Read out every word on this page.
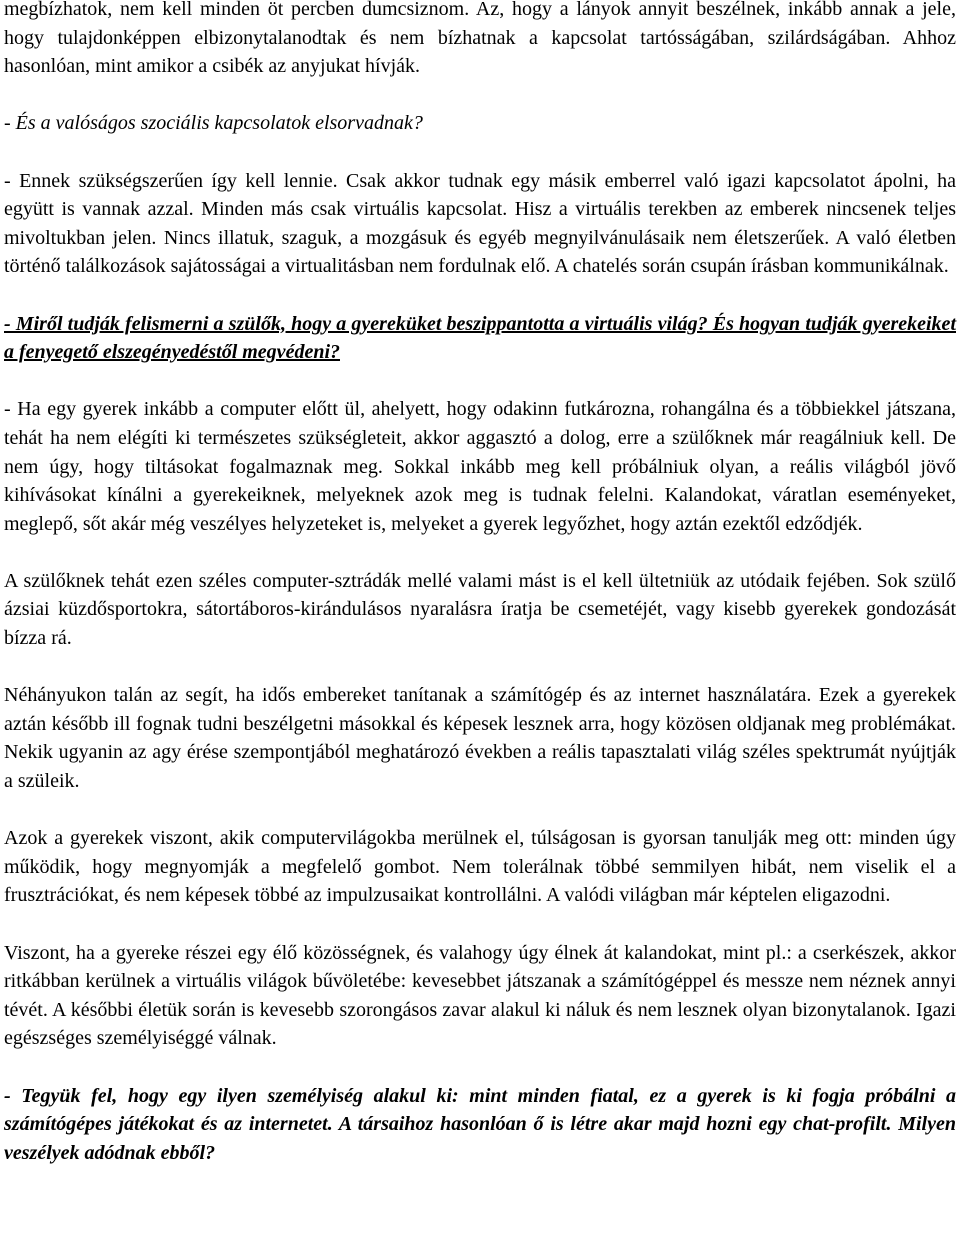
megbízhatok, nem kell minden öt percben dumcsiznom. Az, hogy a lányok annyit beszélnek, inkább annak a jele, hogy tulajdonképpen elbizonytalanodtak és nem bízhatnak a kapcsolat tartósságában, szilárdságában. Ahhoz hasonlóan, mint amikor a csibék az anyjukat hívják.

- És a valóságos szociális kapcsolatok elsorvadnak?

- Ennek szükségszerűen így kell lennie. Csak akkor tudnak egy másik emberrel való igazi kapcsolatot ápolni, ha együtt is vannak azzal. Minden más csak virtuális kapcsolat. Hisz a virtuális terekben az emberek nincsenek teljes mivoltukban jelen. Nincs illatuk, szaguk, a mozgásuk és egyéb megnyilvánulásaik nem életszerűek. A való életben történő találkozások sajátosságai a virtualitásban nem fordulnak elő. A chatelés során csupán írásban kommunikálnak.

- Miről tudják felismerni a szülők, hogy a gyereküket beszippantotta a virtuális világ? És hogyan tudják gyerekeiket a fenyegető elszegényedéstől megvédeni?

- Ha egy gyerek inkább a computer előtt ül, ahelyett, hogy odakinn futkározna, rohangálna és a többiekkel játszana, tehát ha nem elégíti ki természetes szükségleteit, akkor aggasztó a dolog, erre a szülőknek már reagálniuk kell. De nem úgy, hogy tiltásokat fogalmaznak meg. Sokkal inkább meg kell próbálniuk olyan, a reális világból jövő kihívásokat kínálni a gyerekeiknek, melyeknek azok meg is tudnak felelni. Kalandokat, váratlan eseményeket, meglepő, sőt akár még veszélyes helyzeteket is, melyeket a gyerek legyőzhet, hogy aztán ezektől edződjék.

A szülőknek tehát ezen széles computer-sztrádák mellé valami mást is el kell ültetniük az utódaik fejében. Sok szülő ázsiai küzdősportokra, sátortáboros-kirándulásos nyaralásra íratja be csemetéjét, vagy kisebb gyerekek gondozását bízza rá.

Néhányukon talán az segít, ha idős embereket tanítanak a számítógép és az internet használatára. Ezek a gyerekek aztán később ill fognak tudni beszélgetni másokkal és képesek lesznek arra, hogy közösen oldjanak meg problémákat. Nekik ugyanin az agy érése szempontjából meghatározó években a reális tapasztalati világ széles spektrumát nyújtják a szüleik.

Azok a gyerekek viszont, akik computervilágokba merülnek el, túlságosan is gyorsan tanulják meg ott: minden úgy működik, hogy megnyomják a megfelelő gombot. Nem tolerálnak többé semmilyen hibát, nem viselik el a frusztrációkat, és nem képesek többé az impulzusaikat kontrollálni. A valódi világban már képtelen eligazodni.

Viszont, ha a gyereke részei egy élő közösségnek, és valahogy úgy élnek át kalandokat, mint pl.: a cserkészek, akkor ritkábban kerülnek a virtuális világok bűvöletébe: kevesebbet játszanak a számítógéppel és messze nem néznek annyi tévét. A későbbi életük során is kevesebb szorongásos zavar alakul ki náluk és nem lesznek olyan bizonytalanok. Igazi egészséges személyiséggé válnak.

- Tegyük fel, hogy egy ilyen személyiség alakul ki: mint minden fiatal, ez a gyerek is ki fogja próbálni a számítógépes játékokat és az internetet. A társaihoz hasonlóan ő is létre akar majd hozni egy chat-profilt. Milyen veszélyek adódnak ebből?
